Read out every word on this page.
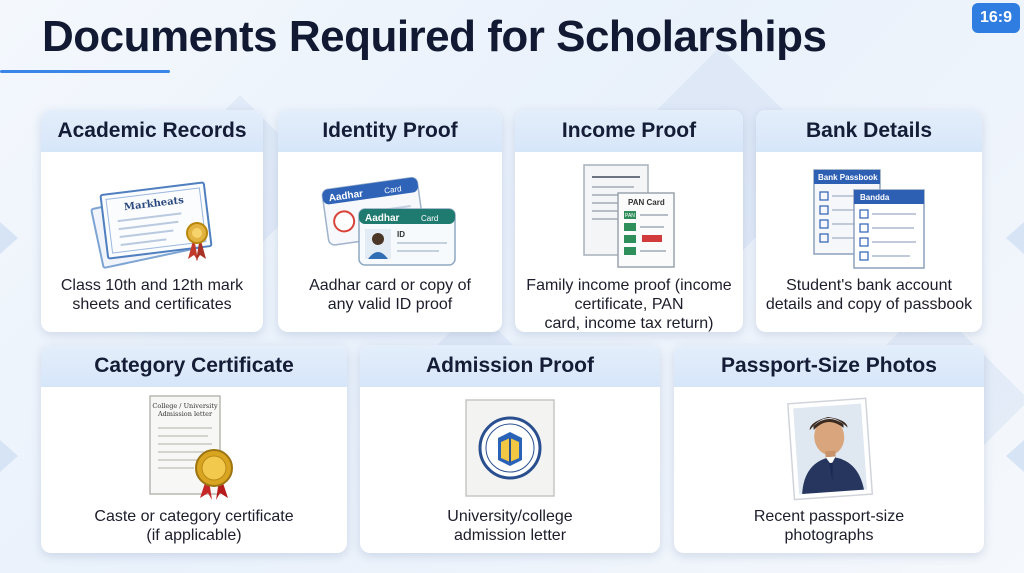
Documents Required for Scholarships	16:9
Academic Records
Markheats
Class 10th and 12th mark
sheets and certificates
Identity Proof
Aadhar Card
Aadhar	Card
ID
Aadhar card or copy of
any valid ID proof
Income Proof
PAN Card
PAN
Family income proof (income
certificate, PAN
card, income tax return)
Bank Details
Bank Passbook
Bandda
Student's bank account
details and copy of passbook
Category Certificate
College / University
Admission letter
Caste or category certificate
(if applicable)
Admission Proof
University/college
admission letter
Passport-Size Photos
Recent passport-size
photographs
